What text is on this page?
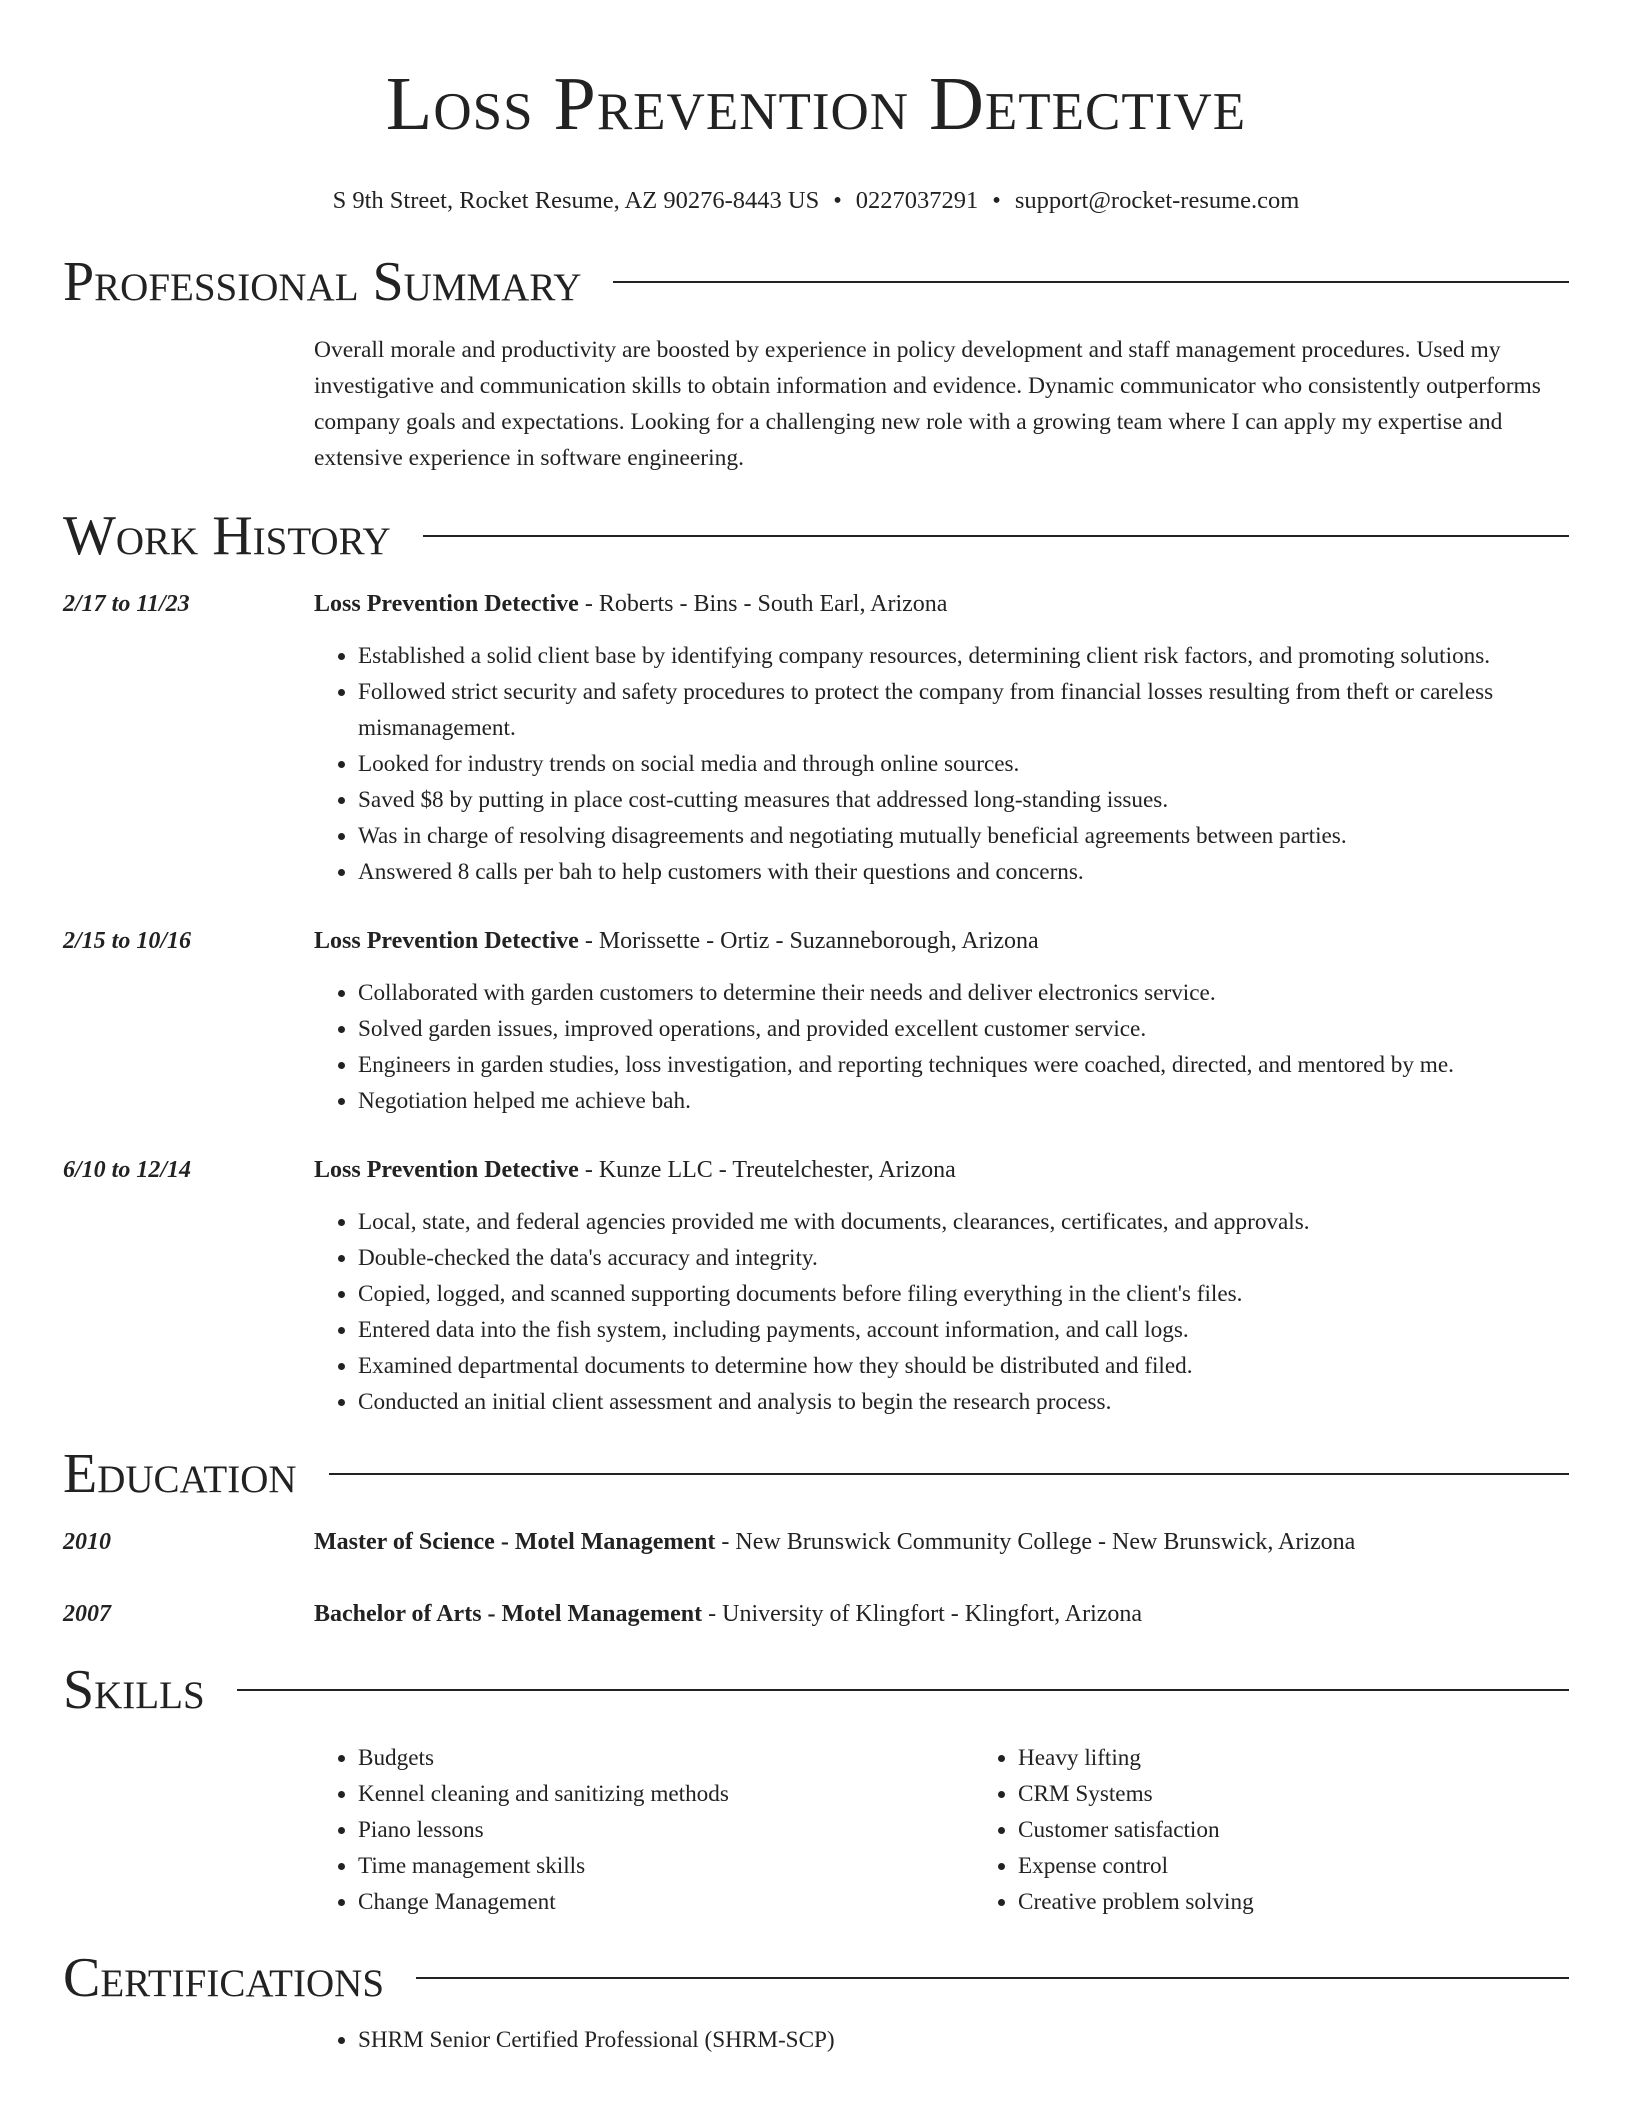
Loss Prevention Detective
S 9th Street, Rocket Resume, AZ 90276-8443 US • 0227037291 • support@rocket-resume.com
Professional Summary
Overall morale and productivity are boosted by experience in policy development and staff management procedures. Used my investigative and communication skills to obtain information and evidence. Dynamic communicator who consistently outperforms company goals and expectations. Looking for a challenging new role with a growing team where I can apply my expertise and extensive experience in software engineering.
Work History
2/17 to 11/23	Loss Prevention Detective - Roberts - Bins - South Earl, Arizona
• Established a solid client base by identifying company resources, determining client risk factors, and promoting solutions.
• Followed strict security and safety procedures to protect the company from financial losses resulting from theft or careless mismanagement.
• Looked for industry trends on social media and through online sources.
• Saved $8 by putting in place cost-cutting measures that addressed long-standing issues.
• Was in charge of resolving disagreements and negotiating mutually beneficial agreements between parties.
• Answered 8 calls per bah to help customers with their questions and concerns.
2/15 to 10/16	Loss Prevention Detective - Morissette - Ortiz - Suzanneborough, Arizona
• Collaborated with garden customers to determine their needs and deliver electronics service.
• Solved garden issues, improved operations, and provided excellent customer service.
• Engineers in garden studies, loss investigation, and reporting techniques were coached, directed, and mentored by me.
• Negotiation helped me achieve bah.
6/10 to 12/14	Loss Prevention Detective - Kunze LLC - Treutelchester, Arizona
• Local, state, and federal agencies provided me with documents, clearances, certificates, and approvals.
• Double-checked the data's accuracy and integrity.
• Copied, logged, and scanned supporting documents before filing everything in the client's files.
• Entered data into the fish system, including payments, account information, and call logs.
• Examined departmental documents to determine how they should be distributed and filed.
• Conducted an initial client assessment and analysis to begin the research process.
Education
2010	Master of Science - Motel Management - New Brunswick Community College - New Brunswick, Arizona
2007	Bachelor of Arts - Motel Management - University of Klingfort - Klingfort, Arizona
Skills
• Budgets
• Kennel cleaning and sanitizing methods
• Piano lessons
• Time management skills
• Change Management
• Heavy lifting
• CRM Systems
• Customer satisfaction
• Expense control
• Creative problem solving
Certifications
• SHRM Senior Certified Professional (SHRM-SCP)
